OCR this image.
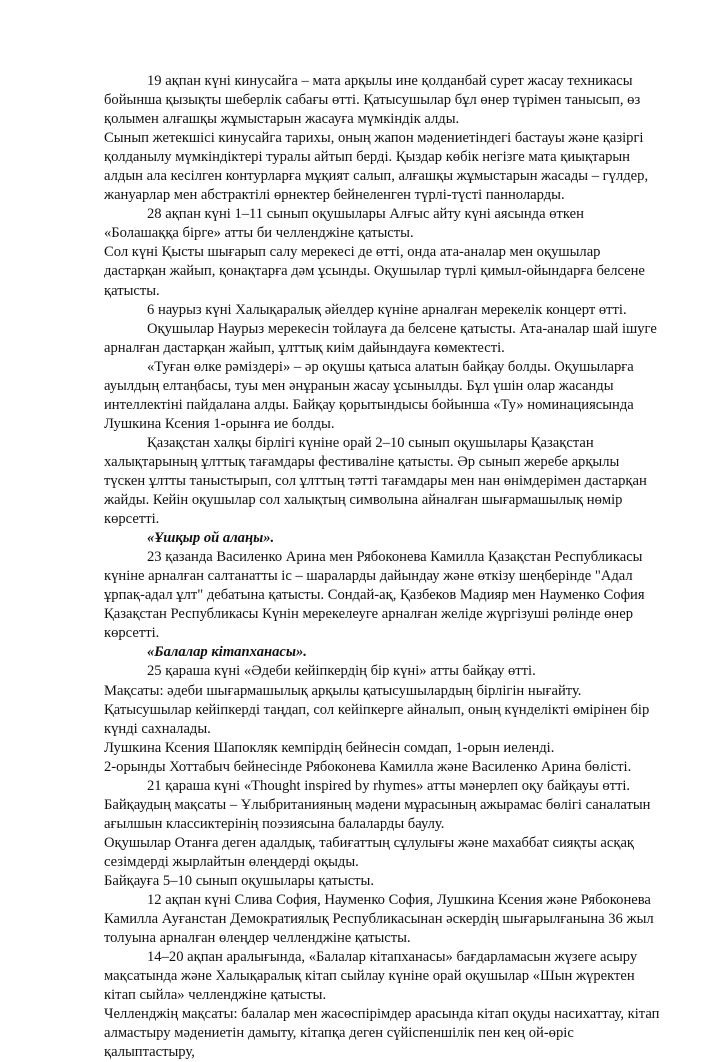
19 ақпан күні кинусайга – мата арқылы ине қолданбай сурет жасау техникасы бойынша қызықты шеберлік сабағы өтті. Қатысушылар бұл өнер түрімен танысып, өз қолымен алғашқы жұмыстарын жасауға мүмкіндік алды.

Сынып жетекшісі кинусайга тарихы, оның жапон мәдениетіндегі бастауы және қазіргі қолданылу мүмкіндіктері туралы айтып берді. Қыздар көбік негізге мата қиықтарын алдын ала кесілген контурларға мұқият салып, алғашқы жұмыстарын жасады – гүлдер, жануарлар мен абстрактілі өрнектер бейнеленген түрлі-түсті панноларды.

28 ақпан күні 1–11 сынып оқушылары Алғыс айту күні аясында өткен «Болашаққа бірге» атты би челленджіне қатысты.

Сол күні Қысты шығарып салу мерекесі де өтті, онда ата-аналар мен оқушылар дастарқан жайып, қонақтарға дәм ұсынды. Оқушылар түрлі қимыл-ойындарға белсене қатысты.

6 наурыз күні Халықаралық әйелдер күніне арналған мерекелік концерт өтті.

Оқушылар Наурыз мерекесін тойлауға да белсене қатысты. Ата-аналар шай ішуге арналған дастарқан жайып, ұлттық киім дайындауға көмектесті.

«Туған өлке рәміздері» – әр оқушы қатыса алатын байқау болды. Оқушыларға ауылдың елтаңбасы, туы мен әнұранын жасау ұсынылды. Бұл үшін олар жасанды интеллектіні пайдалана алды. Байқау қорытындысы бойынша «Ту» номинациясында Лушкина Ксения 1-орынға ие болды.

Қазақстан халқы бірлігі күніне орай 2–10 сынып оқушылары Қазақстан халықтарының ұлттық тағамдары фестиваліне қатысты. Әр сынып жеребе арқылы түскен ұлтты таныстырып, сол ұлттың тәтті тағамдары мен нан өнімдерімен дастарқан жайды. Кейін оқушылар сол халықтың символына айналған шығармашылық нөмір көрсетті.

«Ұшқыр ой алаңы».

23 қазанда Василенко Арина мен Рябоконева Камилла Қазақстан Республикасы күніне арналған салтанатты іс – шараларды дайындау және өткізу шеңберінде "Адал ұрпақ-адал ұлт" дебатына қатысты. Сондай-ақ, Қазбеков Мадияр мен Науменко София Қазақстан Республикасы Күнін мерекелеуге арналған желіде жүргізуші рөлінде өнер көрсетті.

«Балалар кітапханасы».

25 қараша күні «Әдеби кейіпкердің бір күні» атты байқау өтті.

Мақсаты: әдеби шығармашылық арқылы қатысушылардың бірлігін нығайту.

Қатысушылар кейіпкерді таңдап, сол кейіпкерге айналып, оның күнделікті өмірінен бір күнді сахналады.

Лушкина Ксения Шапокляк кемпірдің бейнесін сомдап, 1-орын иеленді.

2-орынды Хоттабыч бейнесінде Рябоконева Камилла және Василенко Арина бөлісті.

21 қараша күні «Thought inspired by rhymes» атты мәнерлеп оқу байқауы өтті.

Байқаудың мақсаты – Ұлыбританияның мәдени мұрасының ажырамас бөлігі саналатын ағылшын классиктерінің поэзиясына балаларды баулу.

Оқушылар Отанға деген адалдық, табиғаттың сұлулығы және махаббат сияқты асқақ сезімдерді жырлайтын өлеңдерді оқыды.

Байқауға 5–10 сынып оқушылары қатысты.

12 ақпан күні Слива София, Науменко София, Лушкина Ксения және Рябоконева Камилла Ауғанстан Демократиялық Республикасынан әскердің шығарылғанына 36 жыл толуына арналған өлеңдер челленджіне қатысты.

14–20 ақпан аралығында, «Балалар кітапханасы» бағдарламасын жүзеге асыру мақсатында және Халықаралық кітап сыйлау күніне орай оқушылар «Шын жүректен кітап сыйла» челленджіне қатысты.

Челленджің мақсаты: балалар мен жасөспірімдер арасында кітап оқуды насихаттау, кітап алмастыру мәдениетін дамыту, кітапқа деген сүйіспеншілік пен кең ой-өріс қалыптастыру,
